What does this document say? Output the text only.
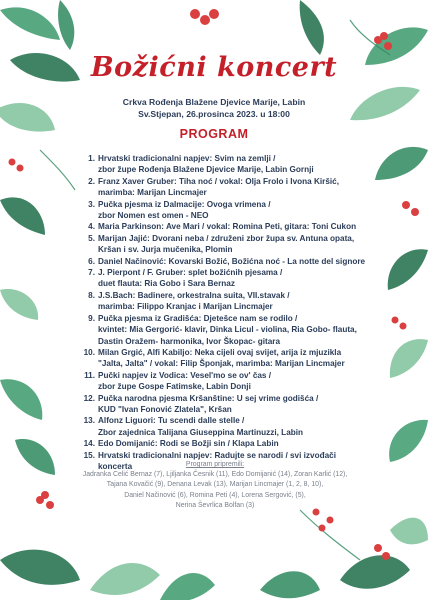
Božićni koncert
Crkva Rođenja Blažene Djevice Marije, Labin
Sv.Stjepan, 26.prosinca 2023. u 18:00
PROGRAM
1. Hrvatski tradicionalni napjev: Svim na zemlji /
zbor župe Rođenja Blažene Djevice Marije, Labin Gornji
2. Franz Xaver Gruber: Tiha noć / vokal: Olja Frolo i Ivona Kiršić,
marimba: Marijan Lincmajer
3. Pučka pjesma iz Dalmacije: Ovoga vrimena /
zbor Nomen est omen - NEO
4. Maria Parkinson: Ave Mari / vokal: Romina Peti, gitara: Toni Cukon
5. Marijan Jajić: Dvorani neba / združeni zbor župa sv. Antuna opata,
Kršan i sv. Jurja mučenika, Plomin
6. Daniel Načinović: Kovarski Božić, Božićna noć - La notte del signore
7. J. Pierpont / F. Gruber: splet božićnih pjesama /
duet flauta: Ria Gobo i Sara Bernaz
8. J.S.Bach: Badinere, orkestralna suita, VII.stavak /
marimba: Filippo Kranjac i Marijan Lincmajer
9. Pučka pjesma iz Gradišća: Djetešce nam se rodilo /
kvintet: Mia Gergorić- klavir, Dinka Licul - violina, Ria Gobo- flauta,
Dastin Oražem- harmonika, Ivor Škopac- gitara
10. Milan Grgić, Alfi Kabiljo: Neka cijeli ovaj svijet, arija iz mjuzikla
"Jalta, Jalta" / vokal: Filip Šponjak, marimba: Marijan Lincmajer
11. Pučki napjev iz Vodica: Vesel'mo se ov' čas /
zbor župe Gospe Fatimske, Labin Donji
12. Pučka narodna pjesma Kršanštine: U sej vrime godišća /
KUD "Ivan Fonović Zlatela", Kršan
13. Alfonz Liguori: Tu scendi dalle stelle /
Zbor zajednica Talijana Giuseppina Martinuzzi, Labin
14. Edo Domijanić: Rodi se Božji sin / Klapa Labin
15. Hrvatski tradicionalni napjev: Raduјte se narodi / svi izvođači koncerta	Program pripremili:
Jadranka Celić Bernaz (7), Ljiljanka Česnik (11), Edo Domijanić (14), Zoran Karlić (12),
Tajana Kovačić (9), Denana Levak (13), Marijan Lincmajer (1, 2, 8, 10),
Daniel Načinović (6), Romina Peti (4), Lorena Sergović, (5),
Nerina Ševrlica Bolfan (3)
